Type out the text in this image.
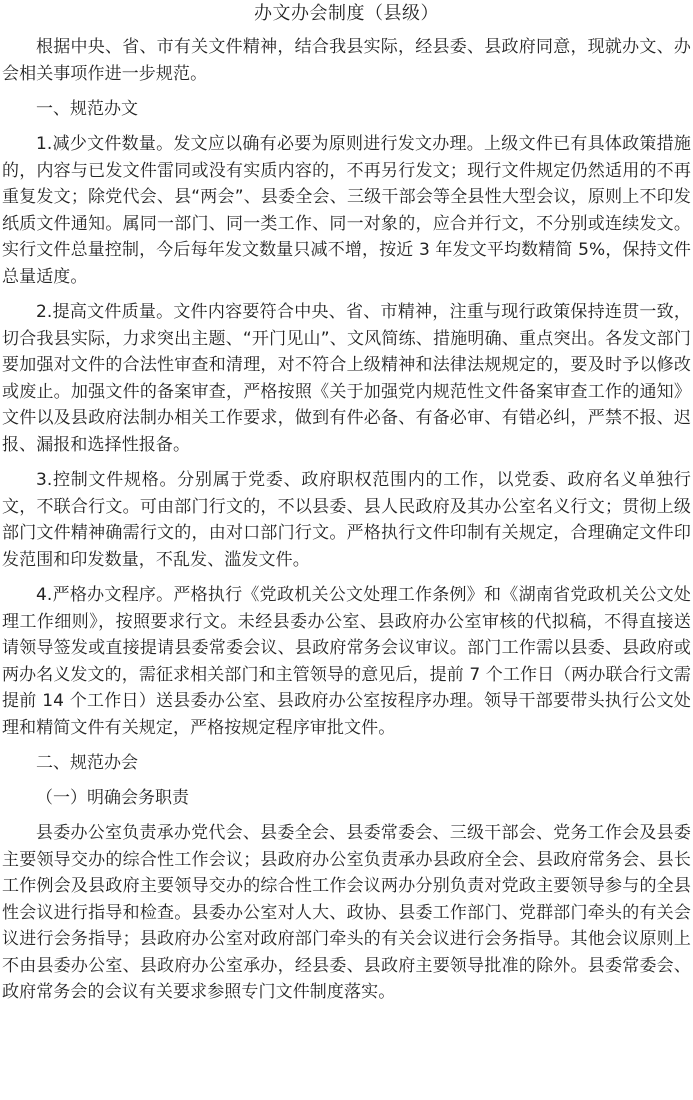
办文办会制度（县级）

根据中央、省、市有关文件精神，结合我县实际，经县委、县政府同意，现就办文、办会相关事项作进一步规范。

一、规范办文

1.减少文件数量。发文应以确有必要为原则进行发文办理。上级文件已有具体政策措施的，内容与已发文件雷同或没有实质内容的，不再另行发文；现行文件规定仍然适用的不再重复发文；除党代会、县“两会”、县委全会、三级干部会等全县性大型会议，原则上不印发纸质文件通知。属同一部门、同一类工作、同一对象的，应合并行文，不分别或连续发文。实行文件总量控制，今后每年发文数量只减不增，按近 3 年发文平均数精简 5%，保持文件总量适度。

2.提高文件质量。文件内容要符合中央、省、市精神，注重与现行政策保持连贯一致，切合我县实际，力求突出主题、“开门见山”、文风简练、措施明确、重点突出。各发文部门要加强对文件的合法性审查和清理，对不符合上级精神和法律法规规定的，要及时予以修改或废止。加强文件的备案审查，严格按照《关于加强党内规范性文件备案审查工作的通知》文件以及县政府法制办相关工作要求，做到有件必备、有备必审、有错必纠，严禁不报、迟报、漏报和选择性报备。

3.控制文件规格。分别属于党委、政府职权范围内的工作，以党委、政府名义单独行文，不联合行文。可由部门行文的，不以县委、县人民政府及其办公室名义行文；贯彻上级部门文件精神确需行文的，由对口部门行文。严格执行文件印制有关规定，合理确定文件印发范围和印发数量，不乱发、滥发文件。

4.严格办文程序。严格执行《党政机关公文处理工作条例》和《湖南省党政机关公文处理工作细则》，按照要求行文。未经县委办公室、县政府办公室审核的代拟稿，不得直接送请领导签发或直接提请县委常委会议、县政府常务会议审议。部门工作需以县委、县政府或两办名义发文的，需征求相关部门和主管领导的意见后，提前 7 个工作日（两办联合行文需提前 14 个工作日）送县委办公室、县政府办公室按程序办理。领导干部要带头执行公文处理和精简文件有关规定，严格按规定程序审批文件。

二、规范办会

（一）明确会务职责

县委办公室负责承办党代会、县委全会、县委常委会、三级干部会、党务工作会及县委主要领导交办的综合性工作会议；县政府办公室负责承办县政府全会、县政府常务会、县长工作例会及县政府主要领导交办的综合性工作会议两办分别负责对党政主要领导参与的全县性会议进行指导和检查。县委办公室对人大、政协、县委工作部门、党群部门牵头的有关会议进行会务指导；县政府办公室对政府部门牵头的有关会议进行会务指导。其他会议原则上不由县委办公室、县政府办公室承办，经县委、县政府主要领导批准的除外。县委常委会、政府常务会的会议有关要求参照专门文件制度落实。
